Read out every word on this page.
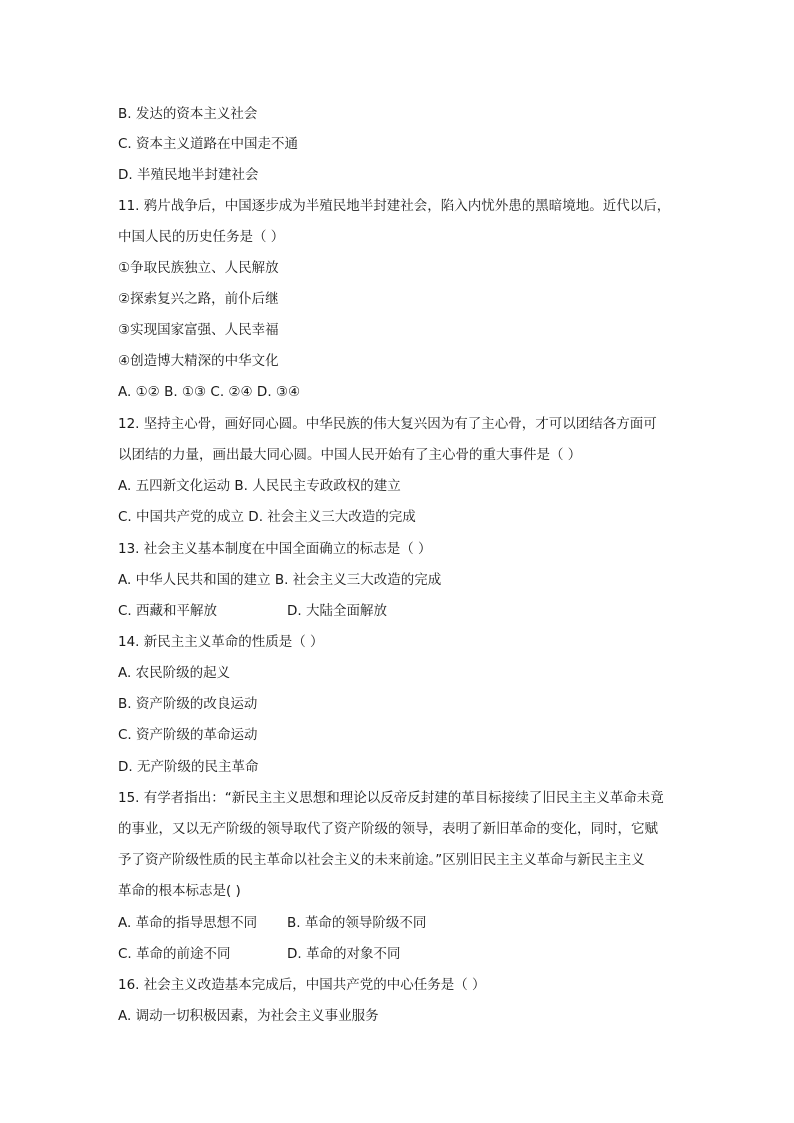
B. 发达的资本主义社会
C. 资本主义道路在中国走不通
D. 半殖民地半封建社会
11. 鸦片战争后，中国逐步成为半殖民地半封建社会，陷入内忧外患的黑暗境地。近代以后，
中国人民的历史任务是（ ）
①争取民族独立、人民解放
②探索复兴之路，前仆后继
③实现国家富强、人民幸福
④创造博大精深的中华文化
A. ①② B. ①③ C. ②④ D. ③④
12. 坚持主心骨，画好同心圆。中华民族的伟大复兴因为有了主心骨，才可以团结各方面可
以团结的力量，画出最大同心圆。中国人民开始有了主心骨的重大事件是（ ）
A. 五四新文化运动 B. 人民民主专政政权的建立
C. 中国共产党的成立 D. 社会主义三大改造的完成
13. 社会主义基本制度在中国全面确立的标志是（ ）
A. 中华人民共和国的建立 B. 社会主义三大改造的完成
C. 西藏和平解放	D. 大陆全面解放
14. 新民主主义革命的性质是（ ）
A. 农民阶级的起义
B. 资产阶级的改良运动
C. 资产阶级的革命运动
D. 无产阶级的民主革命
15. 有学者指出：“新民主主义思想和理论以反帝反封建的革目标接续了旧民主主义革命未竟
的事业，又以无产阶级的领导取代了资产阶级的领导，表明了新旧革命的变化，同时，它赋
予了资产阶级性质的民主革命以社会主义的未来前途。”区别旧民主主义革命与新民主主义
革命的根本标志是( )
A. 革命的指导思想不同 B. 革命的领导阶级不同
C. 革命的前途不同	D. 革命的对象不同
16. 社会主义改造基本完成后，中国共产党的中心任务是（ ）
A. 调动一切积极因素，为社会主义事业服务
